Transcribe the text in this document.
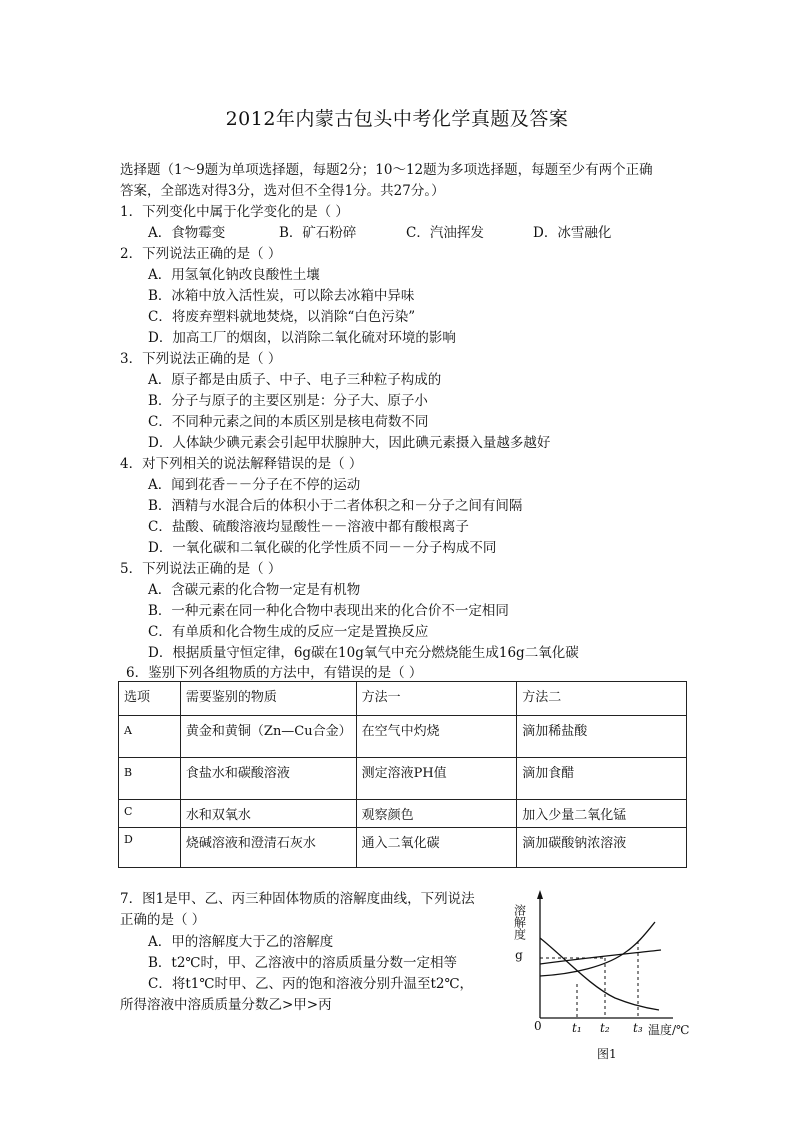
2012年内蒙古包头中考化学真题及答案
选择题（1～9题为单项选择题，每题2分；10～12题为多项选择题，每题至少有两个正确
答案，全部选对得3分，选对但不全得1分。共27分。）
1．下列变化中属于化学变化的是（ ）
A．食物霉变	B．矿石粉碎	C．汽油挥发	D．冰雪融化
2．下列说法正确的是（ ）
A．用氢氧化钠改良酸性土壤
B．冰箱中放入活性炭，可以除去冰箱中异味
C．将废弃塑料就地焚烧，以消除“白色污染”
D．加高工厂的烟囱，以消除二氧化硫对环境的影响
3．下列说法正确的是（ ）
A．原子都是由质子、中子、电子三种粒子构成的
B．分子与原子的主要区别是：分子大、原子小
C．不同种元素之间的本质区别是核电荷数不同
D．人体缺少碘元素会引起甲状腺肿大，因此碘元素摄入量越多越好
4．对下列相关的说法解释错误的是（ ）
A．闻到花香－－分子在不停的运动
B．酒精与水混合后的体积小于二者体积之和－分子之间有间隔
C．盐酸、硫酸溶液均显酸性－－溶液中都有酸根离子
D．一氧化碳和二氧化碳的化学性质不同－－分子构成不同
5．下列说法正确的是（ ）
A．含碳元素的化合物一定是有机物
B．一种元素在同一种化合物中表现出来的化合价不一定相同
C．有单质和化合物生成的反应一定是置换反应
D．根据质量守恒定律，6g碳在10g氧气中充分燃烧能生成16g二氧化碳
6．鉴别下列各组物质的方法中，有错误的是（ ）
选项	需要鉴别的物质	方法一	方法二
A	黄金和黄铜（Zn—Cu合金）	在空气中灼烧	滴加稀盐酸
B	食盐水和碳酸溶液	测定溶液PH值	滴加食醋
C	水和双氧水	观察颜色	加入少量二氧化锰
D	烧碱溶液和澄清石灰水	通入二氧化碳	滴加碳酸钠浓溶液
7．图1是甲、乙、丙三种固体物质的溶解度曲线，下列说法
正确的是（ ）
A．甲的溶解度大于乙的溶解度
B．t2℃时，甲、乙溶液中的溶质质量分数一定相等
C．将t1℃时甲、乙、丙的饱和溶液分别升温至t2℃，
所得溶液中溶质质量分数乙>甲>丙
溶解度
g
0	t₁ t₂ t₃ 温度/℃
图1
